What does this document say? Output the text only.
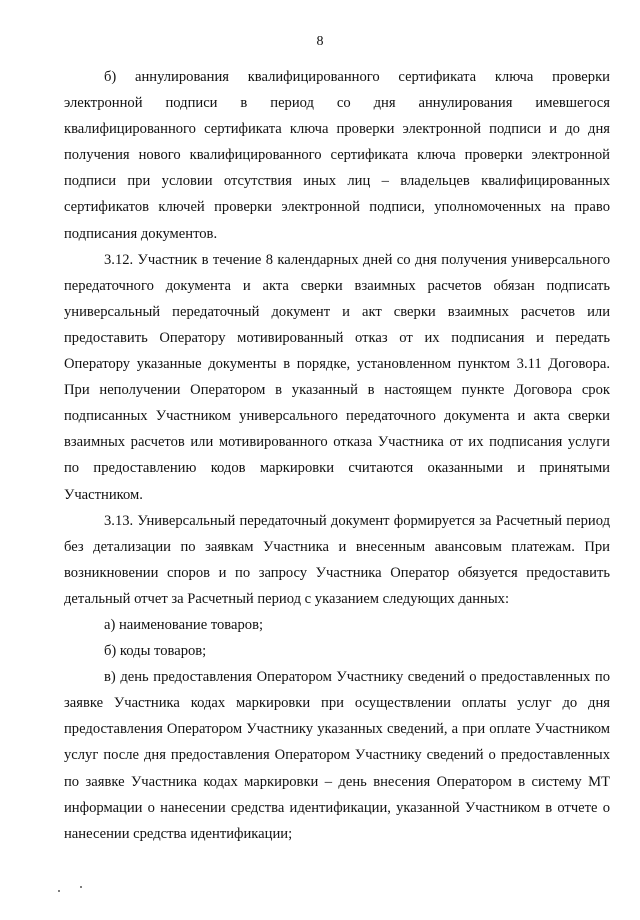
8

б) аннулирования квалифицированного сертификата ключа проверки электронной подписи в период со дня аннулирования имевшегося квалифицированного сертификата ключа проверки электронной подписи и до дня получения нового квалифицированного сертификата ключа проверки электронной подписи при условии отсутствия иных лиц – владельцев квалифицированных сертификатов ключей проверки электронной подписи, уполномоченных на право подписания документов.

3.12. Участник в течение 8 календарных дней со дня получения универсального передаточного документа и акта сверки взаимных расчетов обязан подписать универсальный передаточный документ и акт сверки взаимных расчетов или предоставить Оператору мотивированный отказ от их подписания и передать Оператору указанные документы в порядке, установленном пунктом 3.11 Договора. При неполучении Оператором в указанный в настоящем пункте Договора срок подписанных Участником универсального передаточного документа и акта сверки взаимных расчетов или мотивированного отказа Участника от их подписания услуги по предоставлению кодов маркировки считаются оказанными и принятыми Участником.

3.13. Универсальный передаточный документ формируется за Расчетный период без детализации по заявкам Участника и внесенным авансовым платежам. При возникновении споров и по запросу Участника Оператор обязуется предоставить детальный отчет за Расчетный период с указанием следующих данных:

а) наименование товаров;

б) коды товаров;

в) день предоставления Оператором Участнику сведений о предоставленных по заявке Участника кодах маркировки при осуществлении оплаты услуг до дня предоставления Оператором Участнику указанных сведений, а при оплате Участником услуг после дня предоставления Оператором Участнику сведений о предоставленных по заявке Участника кодах маркировки – день внесения Оператором в систему МТ информации о нанесении средства идентификации, указанной Участником в отчете о нанесении средства идентификации;
